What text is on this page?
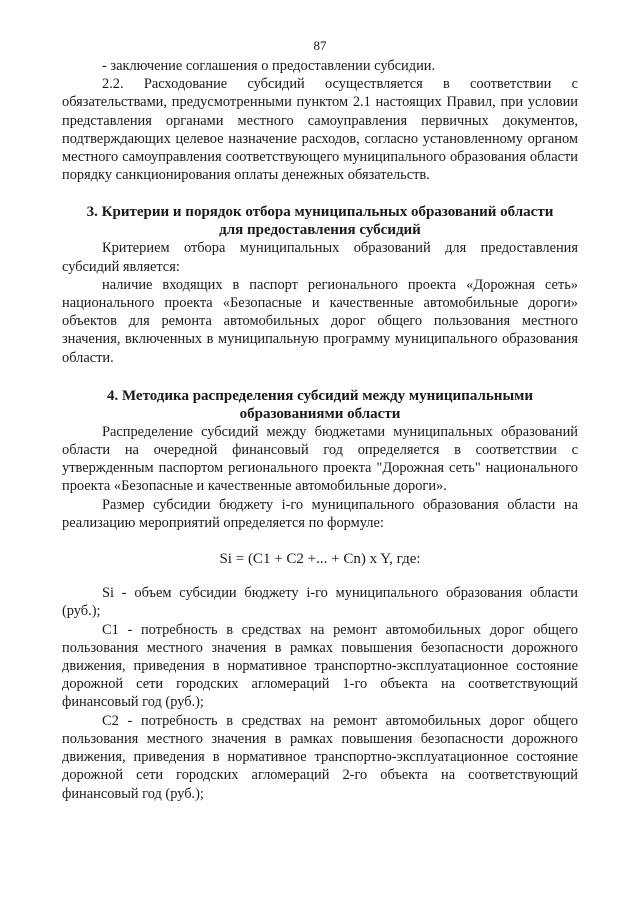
87

- заключение соглашения о предоставлении субсидии.

2.2. Расходование субсидий осуществляется в соответствии с обязательствами, предусмотренными пунктом 2.1 настоящих Правил, при условии представления органами местного самоуправления первичных документов, подтверждающих целевое назначение расходов, согласно установленному органом местного самоуправления соответствующего муниципального образования области порядку санкционирования оплаты денежных обязательств.

3. Критерии и порядок отбора муниципальных образований области
для предоставления субсидий

Критерием отбора муниципальных образований для предоставления субсидий является:

наличие входящих в паспорт регионального проекта «Дорожная сеть» национального проекта «Безопасные и качественные автомобильные дороги» объектов для ремонта автомобильных дорог общего пользования местного значения, включенных в муниципальную программу муниципального образования области.

4. Методика распределения субсидий между муниципальными
образованиями области

Распределение субсидий между бюджетами муниципальных образований области на очередной финансовый год определяется в соответствии с утвержденным паспортом регионального проекта "Дорожная сеть" национального проекта «Безопасные и качественные автомобильные дороги».

Размер субсидии бюджету i-го муниципального образования области на реализацию мероприятий определяется по формуле:

Si = (C1 + C2 +... + Cn) x Y, где:

Si - объем субсидии бюджету i-го муниципального образования области (руб.);

C1 - потребность в средствах на ремонт автомобильных дорог общего пользования местного значения в рамках повышения безопасности дорожного движения, приведения в нормативное транспортно-эксплуатационное состояние дорожной сети городских агломераций 1-го объекта на соответствующий финансовый год (руб.);

C2 - потребность в средствах на ремонт автомобильных дорог общего пользования местного значения в рамках повышения безопасности дорожного движения, приведения в нормативное транспортно-эксплуатационное состояние дорожной сети городских агломераций 2-го объекта на соответствующий финансовый год (руб.);
